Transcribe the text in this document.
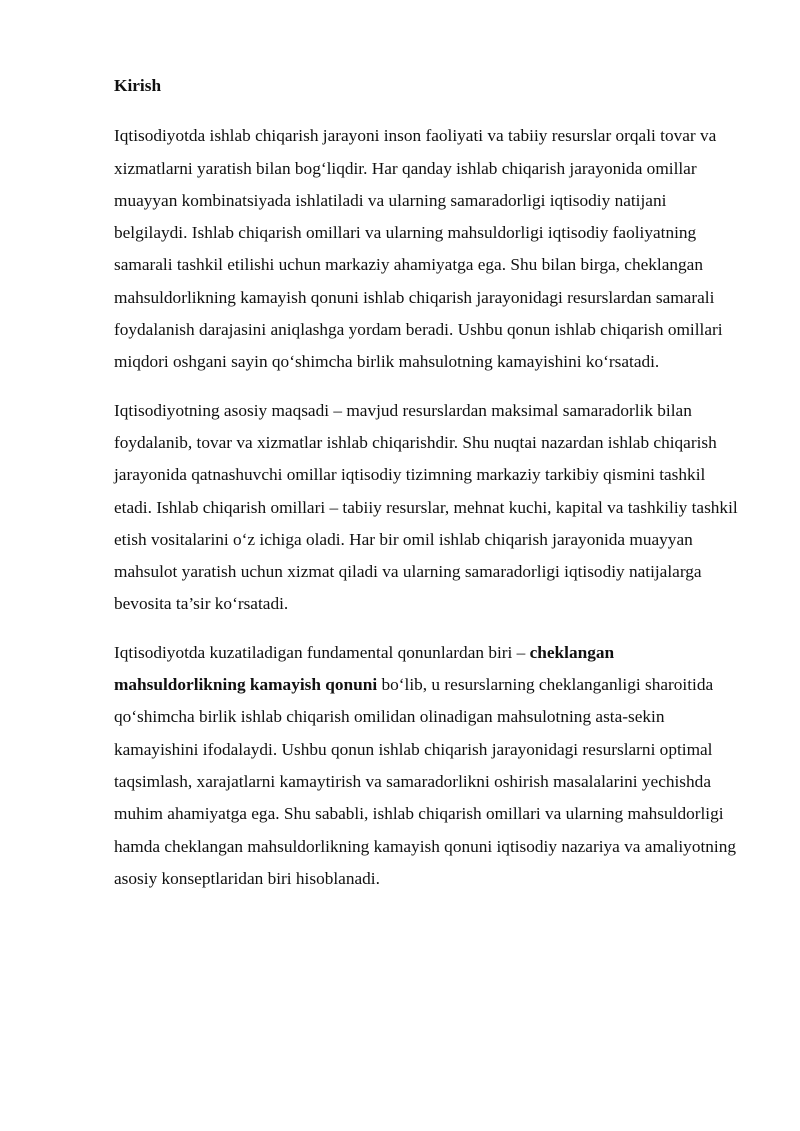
Kirish

Iqtisodiyotda ishlab chiqarish jarayoni inson faoliyati va tabiiy resurslar orqali tovar va xizmatlarni yaratish bilan bog‘liqdir. Har qanday ishlab chiqarish jarayonida omillar muayyan kombinatsiyada ishlatiladi va ularning samaradorligi iqtisodiy natijani belgilaydi. Ishlab chiqarish omillari va ularning mahsuldorligi iqtisodiy faoliyatning samarali tashkil etilishi uchun markaziy ahamiyatga ega. Shu bilan birga, cheklangan mahsuldorlikning kamayish qonuni ishlab chiqarish jarayonidagi resurslardan samarali foydalanish darajasini aniqlashga yordam beradi. Ushbu qonun ishlab chiqarish omillari miqdori oshgani sayin qo‘shimcha birlik mahsulotning kamayishini ko‘rsatadi.

Iqtisodiyotning asosiy maqsadi – mavjud resurslardan maksimal samaradorlik bilan foydalanib, tovar va xizmatlar ishlab chiqarishdir. Shu nuqtai nazardan ishlab chiqarish jarayonida qatnashuvchi omillar iqtisodiy tizimning markaziy tarkibiy qismini tashkil etadi. Ishlab chiqarish omillari – tabiiy resurslar, mehnat kuchi, kapital va tashkiliy tashkil etish vositalarini o‘z ichiga oladi. Har bir omil ishlab chiqarish jarayonida muayyan mahsulot yaratish uchun xizmat qiladi va ularning samaradorligi iqtisodiy natijalarga bevosita ta’sir ko‘rsatadi.

Iqtisodiyotda kuzatiladigan fundamental qonunlardan biri – cheklangan mahsuldorlikning kamayish qonuni bo‘lib, u resurslarning cheklanganligi sharoitida qo‘shimcha birlik ishlab chiqarish omilidan olinadigan mahsulotning asta-sekin kamayishini ifodalaydi. Ushbu qonun ishlab chiqarish jarayonidagi resurslarni optimal taqsimlash, xarajatlarni kamaytirish va samaradorlikni oshirish masalalarini yechishda muhim ahamiyatga ega. Shu sababli, ishlab chiqarish omillari va ularning mahsuldorligi hamda cheklangan mahsuldorlikning kamayish qonuni iqtisodiy nazariya va amaliyotning asosiy konseptlaridan biri hisoblanadi.
